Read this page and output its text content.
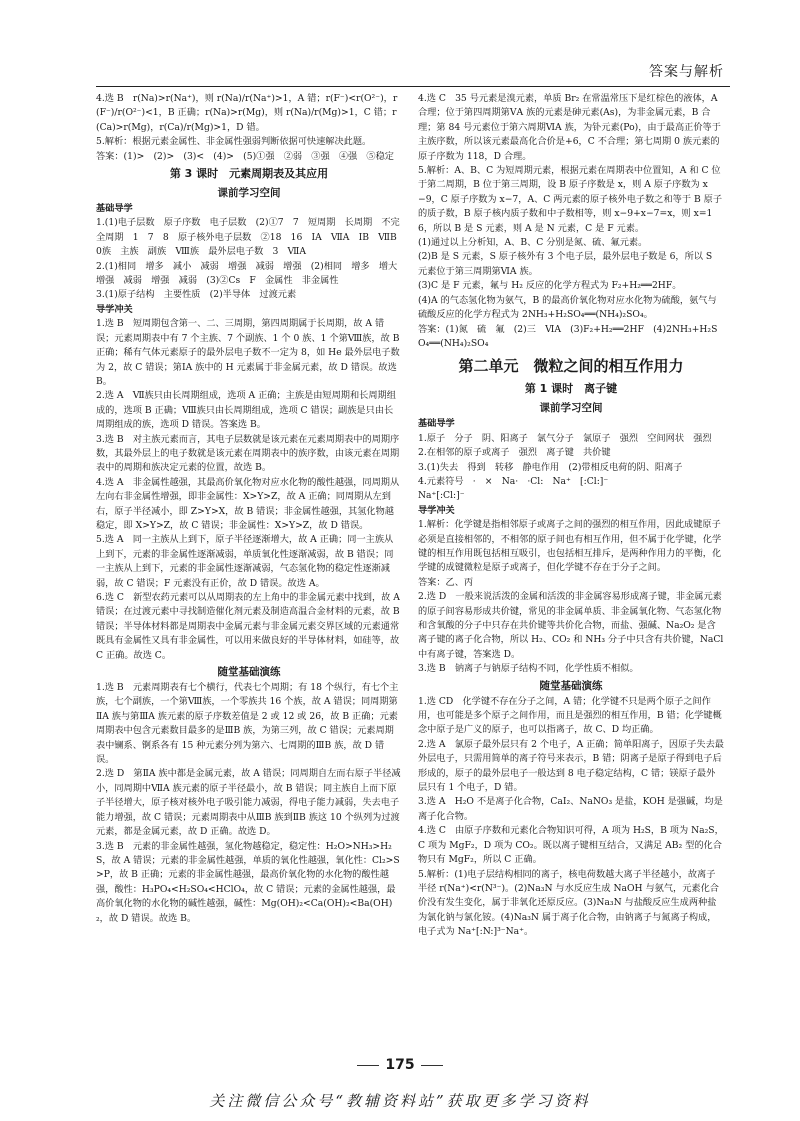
答案与解析

4.选 B　r(Na)>r(Na⁺)，则 r(Na)/r(Na⁺)>1，A 错；r(F⁻)<r(O²⁻)，r(F⁻)/r(O²⁻)<1，B 正确；r(Na)>r(Mg)，则 r(Na)/r(Mg)>1，C 错；r(Ca)>r(Mg)，r(Ca)/r(Mg)>1，D 错。

5.解析：根据元素金属性、非金属性强弱判断依据可快速解决此题。

答案：(1)>　(2)>　(3)<　(4)>　(5)①强　②弱　③强　④强　⑤稳定

第 3 课时　元素周期表及其应用
课前学习空间

基础导学

1.(1)电子层数　原子序数　电子层数　(2)①7　7　短周期　长周期　不完全周期　1　7　8　原子核外电子层数　②18　16　ⅠA　ⅦA　ⅠB　ⅦB　0族　主族　副族　Ⅷ族　最外层电子数　3　ⅦA

2.(1)相同　增多　减小　减弱　增强　减弱　增强　(2)相同　增多　增大　增强　减弱　增强　减弱　(3)②Cs　F　金属性　非金属性

3.(1)原子结构　主要性质　(2)半导体　过渡元素

导学冲关

1.选 B　短周期包含第一、二、三周期，第四周期属于长周期，故 A 错误；元素周期表中有 7 个主族、7 个副族、1 个 0 族、1 个第Ⅷ族，故 B 正确；稀有气体元素原子的最外层电子数不一定为 8，如 He 最外层电子数为 2，故 C 错误；第ⅠA 族中的 H 元素属于非金属元素，故 D 错误。故选 B。

2.选 A　Ⅶ族只由长周期组成，选项 A 正确；主族是由短周期和长周期组成的，选项 B 正确；Ⅷ族只由长周期组成，选项 C 错误；副族是只由长周期组成的族，选项 D 错误。答案选 B。

3.选 B　对主族元素而言，其电子层数就是该元素在元素周期表中的周期序数，其最外层上的电子数就是该元素在周期表中的族序数，由该元素在周期表中的周期和族决定元素的位置，故选 B。

4.选 A　非金属性越强，其最高价氧化物对应水化物的酸性越强，同周期从左向右非金属性增强，即非金属性：X>Y>Z，故 A 正确；同周期从左到右，原子半径减小，即 Z>Y>X，故 B 错误；非金属性越强，其氢化物越稳定，即 X>Y>Z，故 C 错误；非金属性：X>Y>Z，故 D 错误。

5.选 A　同一主族从上到下，原子半径逐渐增大，故 A 正确；同一主族从上到下，元素的非金属性逐渐减弱，单质氧化性逐渐减弱，故 B 错误；同一主族从上到下，元素的非金属性逐渐减弱，气态氢化物的稳定性逐渐减弱，故 C 错误；F 元素没有正价，故 D 错误。故选 A。

6.选 C　新型农药元素可以从周期表的左上角中的非金属元素中找到，故 A 错误；在过渡元素中寻找制造催化剂元素及制造高温合金材料的元素，故 B 错误；半导体材料都是周期表中金属元素与非金属元素交界区域的元素通常既具有金属性又具有非金属性，可以用来做良好的半导体材料，如硅等，故 C 正确。故选 C。

随堂基础演练

1.选 B　元素周期表有七个横行，代表七个周期；有 18 个纵行，有七个主族，七个副族，一个第Ⅷ族，一个零族共 16 个族，故 A 错误；同周期第ⅡA 族与第ⅢA 族元素的原子序数差值是 2 或 12 或 26，故 B 正确；元素周期表中包含元素数目最多的是ⅢB 族，为第三列，故 C 错误；元素周期表中镧系、锕系各有 15 种元素分列为第六、七周期的ⅢB 族，故 D 错误。

2.选 D　第ⅡA 族中都是金属元素，故 A 错误；同周期自左而右原子半径减小，同周期中ⅦA 族元素的原子半径最小，故 B 错误；同主族自上而下原子半径增大，原子核对核外电子吸引能力减弱，得电子能力减弱，失去电子能力增强，故 C 错误；元素周期表中从ⅢB 族到ⅡB 族这 10 个纵列为过渡元素，都是金属元素，故 D 正确。故选 D。

3.选 B　元素的非金属性越强，氢化物越稳定，稳定性：H₂O>NH₃>H₂S，故 A 错误；元素的非金属性越强，单质的氧化性越强，氧化性：Cl₂>S>P，故 B 正确；元素的非金属性越强，最高价氧化物的水化物的酸性越强，酸性：H₃PO₄<H₂SO₄<HClO₄，故 C 错误；元素的金属性越强，最高价氧化物的水化物的碱性越强，碱性：Mg(OH)₂<Ca(OH)₂<Ba(OH)₂，故 D 错误。故选 B。

4.选 C　35 号元素是溴元素，单质 Br₂ 在常温常压下是红棕色的液体，A 合理；位于第四周期第ⅤA 族的元素是砷元素(As)，为非金属元素，B 合理；第 84 号元素位于第六周期ⅥA 族，为钋元素(Po)，由于最高正价等于主族序数，所以该元素最高化合价是+6，C 不合理；第七周期 0 族元素的原子序数为 118，D 合理。

5.解析：A、B、C 为短周期元素，根据元素在周期表中位置知，A 和 C 位于第二周期，B 位于第三周期，设 B 原子序数是 x，则 A 原子序数为 x−9，C 原子序数为 x−7，A、C 两元素的原子核外电子数之和等于 B 原子的质子数，B 原子核内质子数和中子数相等，则 x−9+x−7=x，则 x=16，所以 B 是 S 元素，则 A 是 N 元素，C 是 F 元素。

(1)通过以上分析知，A、B、C 分别是氮、硫、氟元素。

(2)B 是 S 元素，S 原子核外有 3 个电子层，最外层电子数是 6，所以 S 元素位于第三周期第ⅥA 族。

(3)C 是 F 元素，氟与 H₂ 反应的化学方程式为 F₂+H₂══2HF。

(4)A 的气态氢化物为氨气，B 的最高价氧化物对应水化物为硫酸，氨气与硫酸反应的化学方程式为 2NH₃+H₂SO₄══(NH₄)₂SO₄。

答案：(1)氮　硫　氟　(2)三　ⅥA　(3)F₂+H₂══2HF　(4)2NH₃+H₂SO₄══(NH₄)₂SO₄

第二单元　微粒之间的相互作用力
第 1 课时　离子键
课前学习空间

基础导学

1.原子　分子　阴、阳离子　氯气分子　氯原子　强烈　空间网状　强烈

2.在相邻的原子或离子　强烈　离子键　共价键

3.(1)失去　得到　转移　静电作用　(2)带相反电荷的阴、阳离子

4.元素符号　·　×　Na·　·Cl:　Na⁺　[:Cl:]⁻

Na⁺[:Cl:]⁻

导学冲关

1.解析：化学键是指相邻原子或离子之间的强烈的相互作用，因此成键原子必须是直接相邻的，不相邻的原子间也有相互作用，但不属于化学键，化学键的相互作用既包括相互吸引，也包括相互排斥，是两种作用力的平衡，化学键的成键微粒是原子或离子，但化学键不存在于分子之间。

答案：乙、丙

2.选 D　一般来说活泼的金属和活泼的非金属容易形成离子键，非金属元素的原子间容易形成共价键，常见的非金属单质、非金属氧化物、气态氢化物和含氧酸的分子中只存在共价键等共价化合物，而盐、强碱、Na₂O₂ 是含离子键的离子化合物，所以 H₂、CO₂ 和 NH₃ 分子中只含有共价键，NaCl 中有离子键，答案选 D。

3.选 B　钠离子与钠原子结构不同，化学性质不相似。

随堂基础演练

1.选 CD　化学键不存在分子之间，A 错；化学键不只是两个原子之间作用，也可能是多个原子之间作用，而且是强烈的相互作用，B 错；化学键概念中原子是广义的原子，也可以指离子，故 C、D 均正确。

2.选 A　氯原子最外层只有 2 个电子，A 正确；简单阳离子，因原子失去最外层电子，只需用简单的离子符号来表示，B 错；阴离子是原子得到电子后形成的，原子的最外层电子一般达到 8 电子稳定结构，C 错；镁原子最外层只有 1 个电子，D 错。

3.选 A　H₂O 不是离子化合物，CaI₂、NaNO₃ 是盐，KOH 是强碱，均是离子化合物。

4.选 C　由原子序数和元素化合物知识可得，A 项为 H₂S，B 项为 Na₂S，C 项为 MgF₂，D 项为 CO₂。既以离子键相互结合，又满足 AB₂ 型的化合物只有 MgF₂，所以 C 正确。

5.解析：(1)电子层结构相同的离子，核电荷数越大离子半径越小，故离子半径 r(Na⁺)<r(N³⁻)。(2)Na₃N 与水反应生成 NaOH 与氨气，元素化合价没有发生变化，属于非氧化还原反应。(3)Na₃N 与盐酸反应生成两种盐为氯化钠与氯化铵。(4)Na₃N 属于离子化合物，由钠离子与氮离子构成，电子式为 Na⁺[:N:]³⁻Na⁺。

175
关注微信公众号“教辅资料站”获取更多学习资料
